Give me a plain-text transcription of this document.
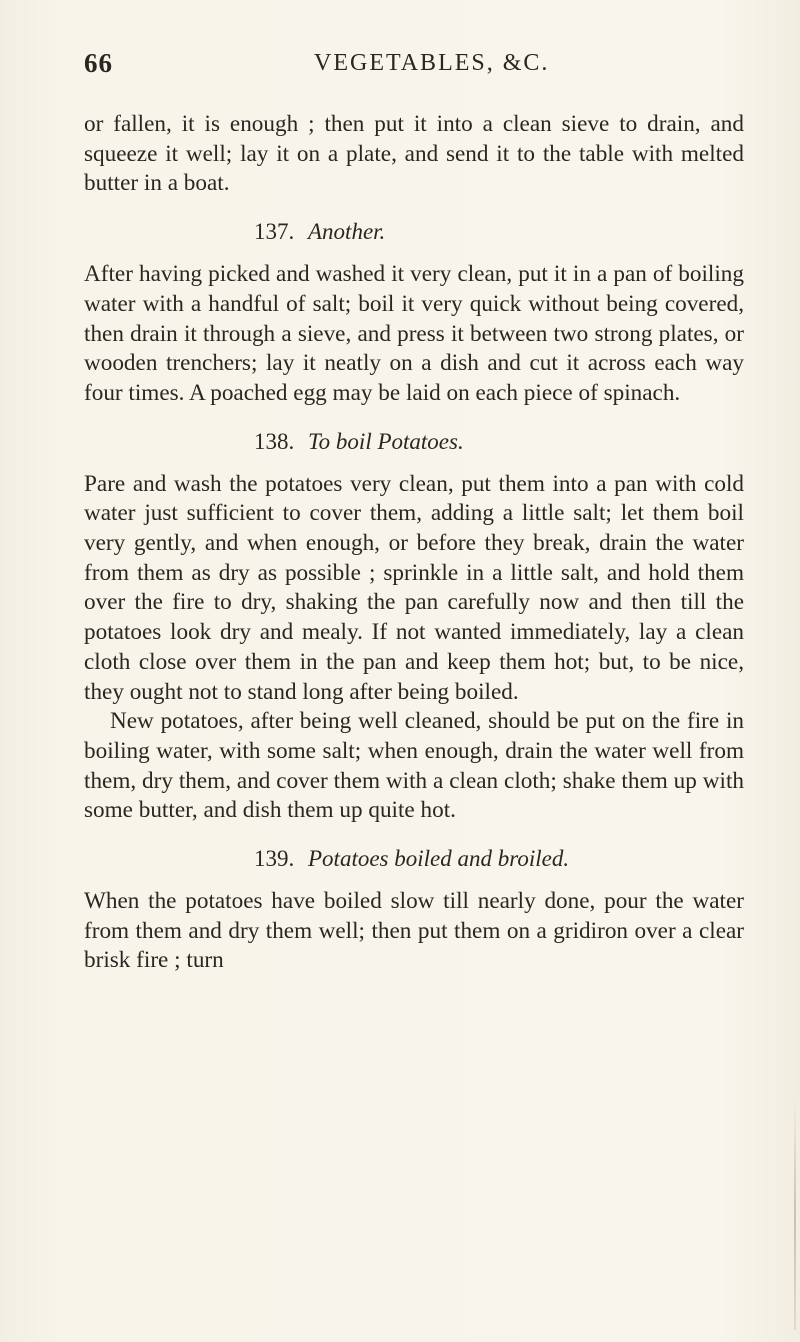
66	VEGETABLES, &C.

or fallen, it is enough ; then put it into a clean sieve to drain, and squeeze it well; lay it on a plate, and send it to the table with melted butter in a boat.

137. Another.

After having picked and washed it very clean, put it in a pan of boiling water with a handful of salt; boil it very quick without being covered, then drain it through a sieve, and press it between two strong plates, or wooden trenchers; lay it neatly on a dish and cut it across each way four times. A poached egg may be laid on each piece of spinach.

138. To boil Potatoes.

Pare and wash the potatoes very clean, put them into a pan with cold water just sufficient to cover them, adding a little salt; let them boil very gently, and when enough, or before they break, drain the water from them as dry as possible ; sprinkle in a little salt, and hold them over the fire to dry, shaking the pan carefully now and then till the potatoes look dry and mealy. If not wanted immediately, lay a clean cloth close over them in the pan and keep them hot; but, to be nice, they ought not to stand long after being boiled.

New potatoes, after being well cleaned, should be put on the fire in boiling water, with some salt; when enough, drain the water well from them, dry them, and cover them with a clean cloth; shake them up with some butter, and dish them up quite hot.

139. Potatoes boiled and broiled.

When the potatoes have boiled slow till nearly done, pour the water from them and dry them well; then put them on a gridiron over a clear brisk fire ; turn
